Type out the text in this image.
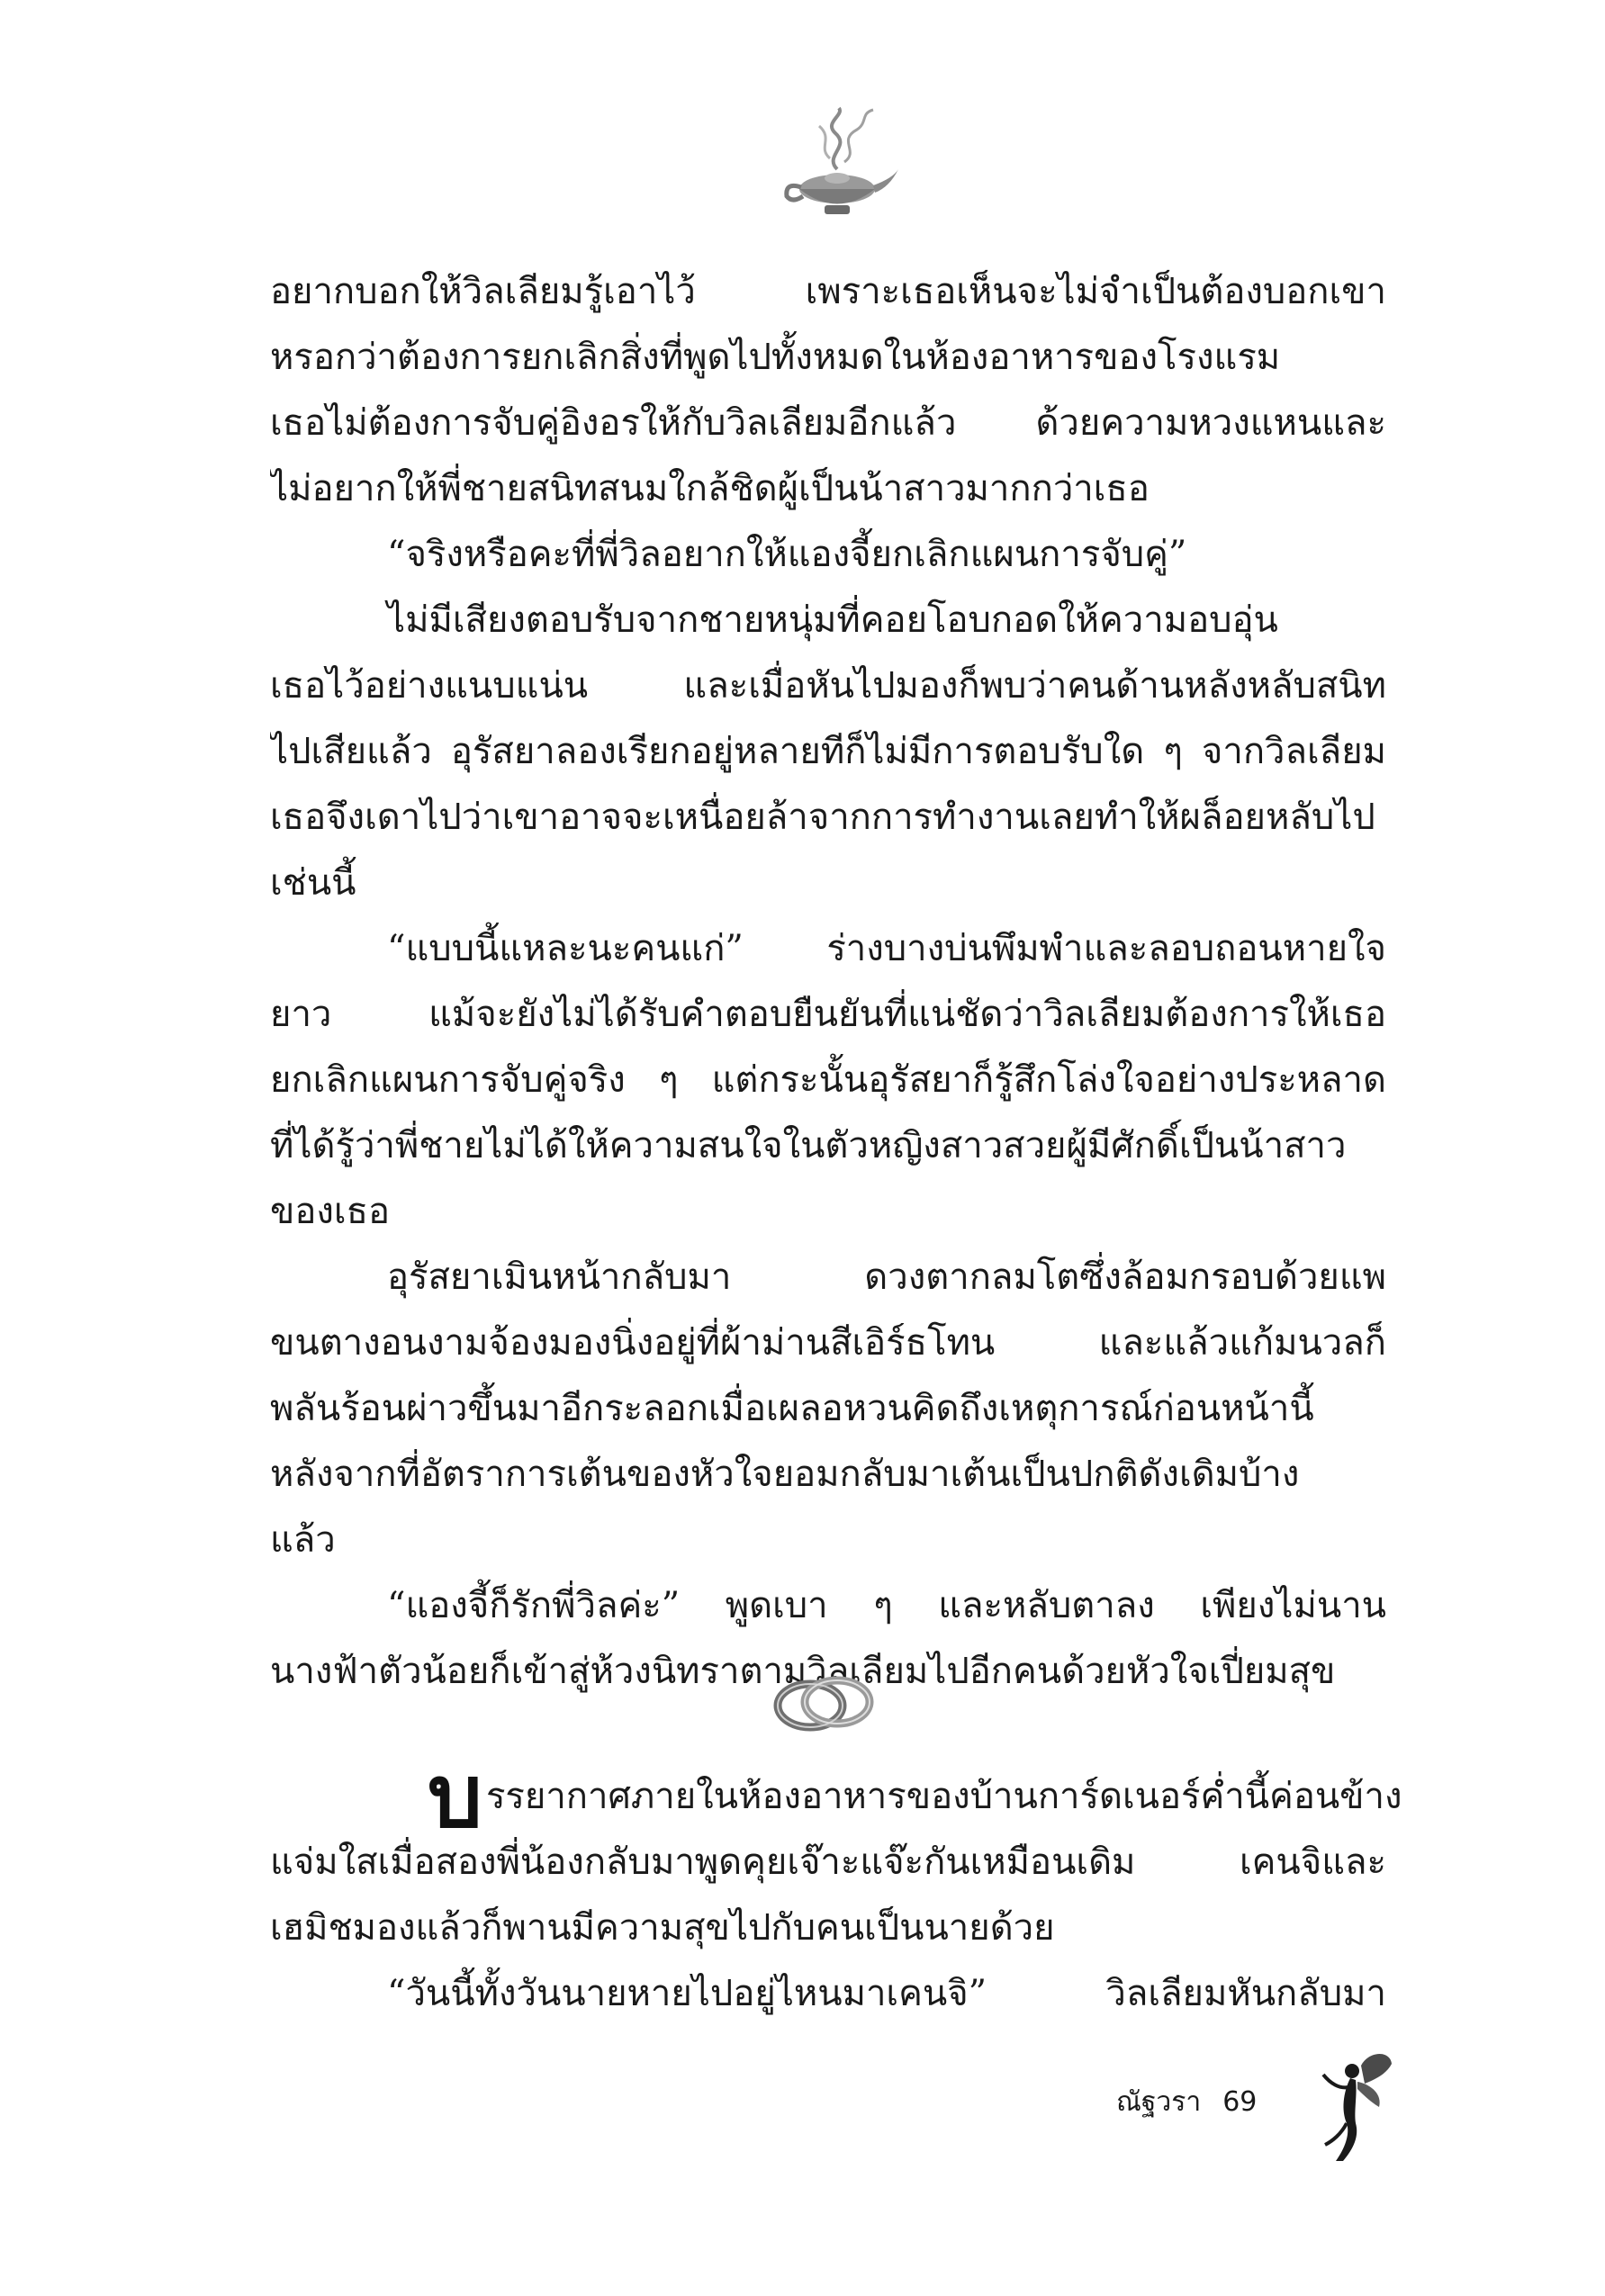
อยากบอกให้วิลเลียมรู้เอาไว้ เพราะเธอเห็นจะไม่จำเป็นต้องบอกเขา
หรอกว่าต้องการยกเลิกสิ่งที่พูดไปทั้งหมดในห้องอาหารของโรงแรม
เธอไม่ต้องการจับคู่อิงอรให้กับวิลเลียมอีกแล้ว ด้วยความหวงแหนและ
ไม่อยากให้พี่ชายสนิทสนมใกล้ชิดผู้เป็นน้าสาวมากกว่าเธอ
“จริงหรือคะที่พี่วิลอยากให้แองจี้ยกเลิกแผนการจับคู่”
ไม่มีเสียงตอบรับจากชายหนุ่มที่คอยโอบกอดให้ความอบอุ่น
เธอไว้อย่างแนบแน่น และเมื่อหันไปมองก็พบว่าคนด้านหลังหลับสนิท
ไปเสียแล้ว อุรัสยาลองเรียกอยู่หลายทีก็ไม่มีการตอบรับใด ๆ จากวิลเลียม
เธอจึงเดาไปว่าเขาอาจจะเหนื่อยล้าจากการทำงานเลยทำให้ผล็อยหลับไป
เช่นนี้
“แบบนี้แหละนะคนแก่” ร่างบางบ่นพึมพำและลอบถอนหายใจ
ยาว แม้จะยังไม่ได้รับคำตอบยืนยันที่แน่ชัดว่าวิลเลียมต้องการให้เธอ
ยกเลิกแผนการจับคู่จริง ๆ แต่กระนั้นอุรัสยาก็รู้สึกโล่งใจอย่างประหลาด
ที่ได้รู้ว่าพี่ชายไม่ได้ให้ความสนใจในตัวหญิงสาวสวยผู้มีศักดิ์เป็นน้าสาว
ของเธอ
อุรัสยาเมินหน้ากลับมา ดวงตากลมโตซึ่งล้อมกรอบด้วยแพ
ขนตางอนงามจ้องมองนิ่งอยู่ที่ผ้าม่านสีเอิร์ธโทน และแล้วแก้มนวลก็
พลันร้อนผ่าวขึ้นมาอีกระลอกเมื่อเผลอหวนคิดถึงเหตุการณ์ก่อนหน้านี้
หลังจากที่อัตราการเต้นของหัวใจยอมกลับมาเต้นเป็นปกติดังเดิมบ้าง
แล้ว
“แองจี้ก็รักพี่วิลค่ะ” พูดเบา ๆ และหลับตาลง เพียงไม่นาน
นางฟ้าตัวน้อยก็เข้าสู่ห้วงนิทราตามวิลเลียมไปอีกคนด้วยหัวใจเปี่ยมสุข
บ รรยากาศภายในห้องอาหารของบ้านการ์ดเนอร์ค่ำนี้ค่อนข้าง
แจ่มใสเมื่อสองพี่น้องกลับมาพูดคุยเจ๊าะแจ๊ะกันเหมือนเดิม เคนจิและ
เฮมิชมองแล้วก็พานมีความสุขไปกับคนเป็นนายด้วย
“วันนี้ทั้งวันนายหายไปอยู่ไหนมาเคนจิ” วิลเลียมหันกลับมา
ณัฐวรา 69
